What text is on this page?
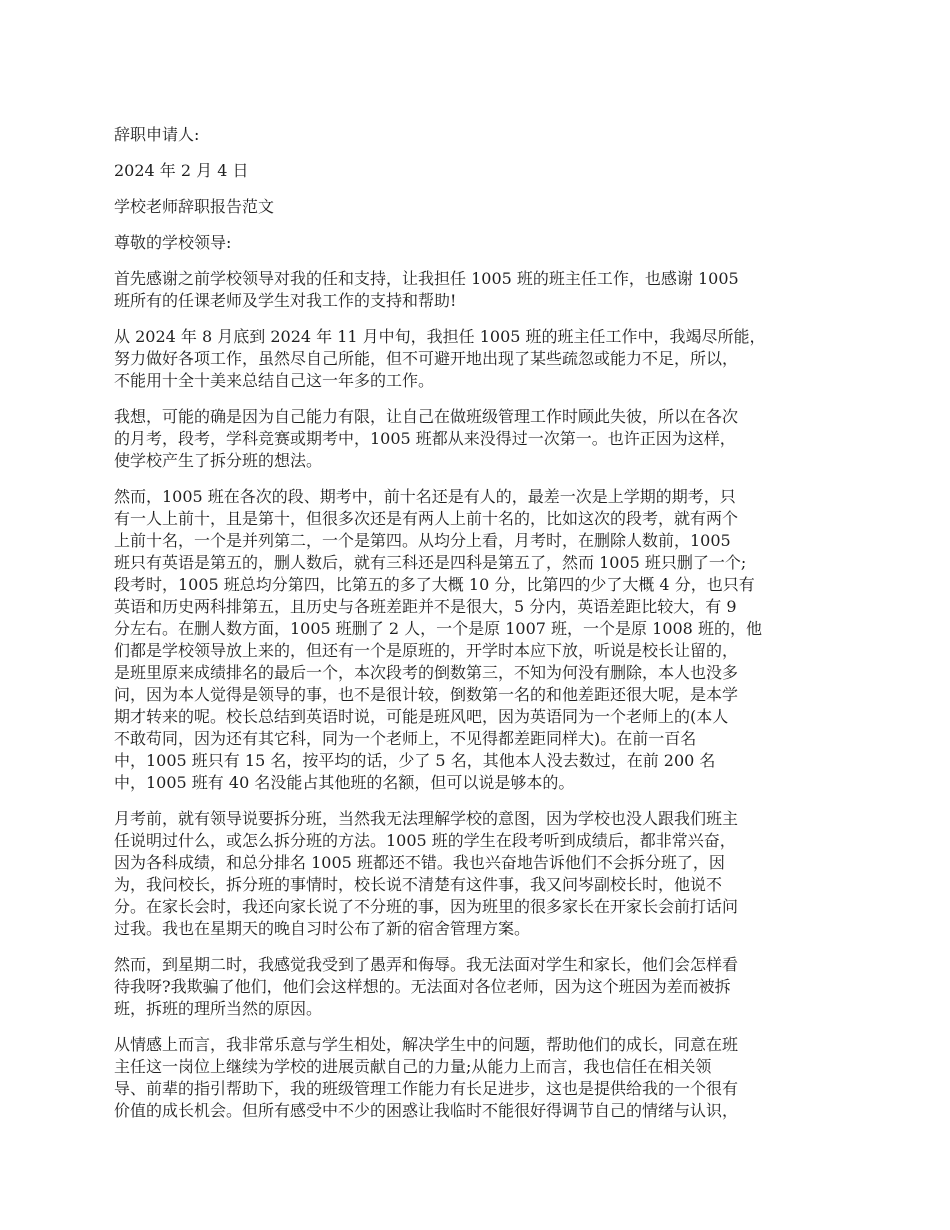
辞职申请人:
2024 年 2 月 4 日
学校老师辞职报告范文
尊敬的学校领导:
首先感谢之前学校领导对我的任和支持，让我担任 1005 班的班主任工作，也感谢 1005
班所有的任课老师及学生对我工作的支持和帮助!
从 2024 年 8 月底到 2024 年 11 月中旬，我担任 1005 班的班主任工作中，我竭尽所能，
努力做好各项工作，虽然尽自己所能，但不可避开地出现了某些疏忽或能力不足，所以，
不能用十全十美来总结自己这一年多的工作。
我想，可能的确是因为自己能力有限，让自己在做班级管理工作时顾此失彼，所以在各次
的月考，段考，学科竞赛或期考中，1005 班都从来没得过一次第一。也许正因为这样，
使学校产生了拆分班的想法。
然而，1005 班在各次的段、期考中，前十名还是有人的，最差一次是上学期的期考，只
有一人上前十，且是第十，但很多次还是有两人上前十名的，比如这次的段考，就有两个
上前十名，一个是并列第二，一个是第四。从均分上看，月考时，在删除人数前，1005
班只有英语是第五的，删人数后，就有三科还是四科是第五了，然而 1005 班只删了一个;
段考时，1005 班总均分第四，比第五的多了大概 10 分，比第四的少了大概 4 分，也只有
英语和历史两科排第五，且历史与各班差距并不是很大，5 分内，英语差距比较大，有 9
分左右。在删人数方面，1005 班删了 2 人，一个是原 1007 班，一个是原 1008 班的，他
们都是学校领导放上来的，但还有一个是原班的，开学时本应下放，听说是校长让留的，
是班里原来成绩排名的最后一个，本次段考的倒数第三，不知为何没有删除，本人也没多
问，因为本人觉得是领导的事，也不是很计较，倒数第一名的和他差距还很大呢，是本学
期才转来的呢。校长总结到英语时说，可能是班风吧，因为英语同为一个老师上的(本人
不敢苟同，因为还有其它科，同为一个老师上，不见得都差距同样大)。在前一百名
中，1005 班只有 15 名，按平均的话，少了 5 名，其他本人没去数过，在前 200 名
中，1005 班有 40 名没能占其他班的名额，但可以说是够本的。
月考前，就有领导说要拆分班，当然我无法理解学校的意图，因为学校也没人跟我们班主
任说明过什么，或怎么拆分班的方法。1005 班的学生在段考听到成绩后，都非常兴奋，
因为各科成绩，和总分排名 1005 班都还不错。我也兴奋地告诉他们不会拆分班了，因
为，我问校长，拆分班的事情时，校长说不清楚有这件事，我又问岑副校长时，他说不
分。在家长会时，我还向家长说了不分班的事，因为班里的很多家长在开家长会前打话问
过我。我也在星期天的晚自习时公布了新的宿舍管理方案。
然而，到星期二时，我感觉我受到了愚弄和侮辱。我无法面对学生和家长，他们会怎样看
待我呀?我欺骗了他们，他们会这样想的。无法面对各位老师，因为这个班因为差而被拆
班，拆班的理所当然的原因。
从情感上而言，我非常乐意与学生相处，解决学生中的问题，帮助他们的成长，同意在班
主任这一岗位上继续为学校的进展贡献自己的力量;从能力上而言，我也信任在相关领
导、前辈的指引帮助下，我的班级管理工作能力有长足进步，这也是提供给我的一个很有
价值的成长机会。但所有感受中不少的困惑让我临时不能很好得调节自己的情绪与认识，
